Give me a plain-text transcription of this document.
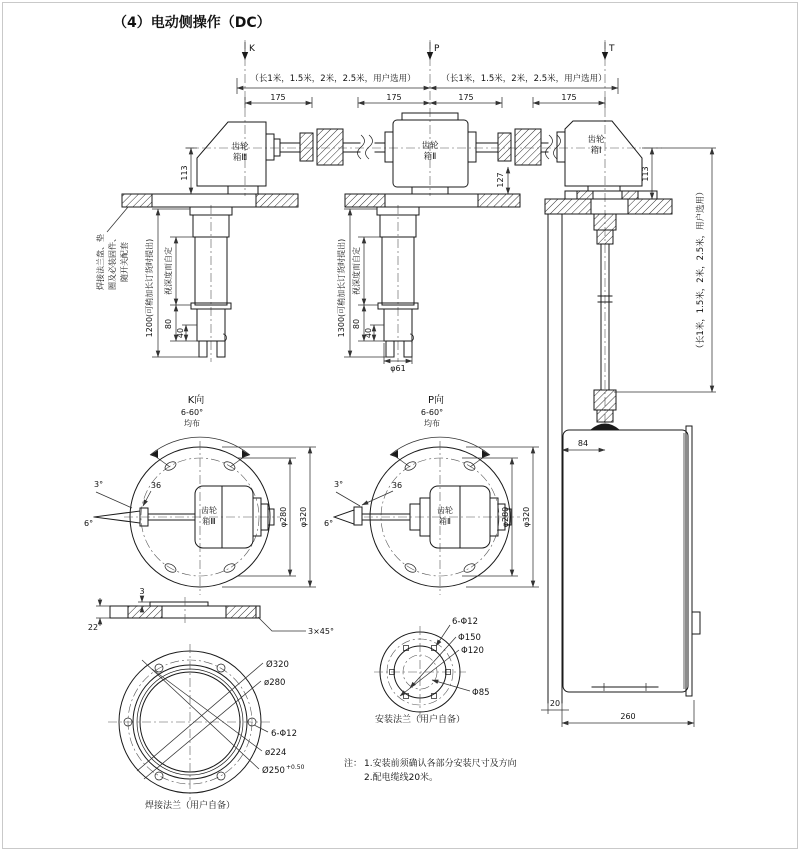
（4）电动侧操作（DC）
K	P	T
（长1米，1.5米，2米，2.5米，用户选用）	（长1米，1.5米，2米，2.5米，用户选用）
175	175	175	175
齿轮
箱Ⅲ
齿轮
箱Ⅱ
齿轮
箱Ⅰ
113	127	113
（长1米，1.5米，2米，2.5米，用户选用）
焊接法兰盘、垫 圈及必装固件、 随开关配套	视深度而自定
80
40
1200(可稍加长订货时提出)	视深度而自定
80
40
1300(可稍加长订货时提出)
φ61
84
20
260
K向
6-60°
均布
齿轮
箱Ⅲ
3°
6°
36
φ280 φ320
P向
6-60°
均布
齿轮
箱Ⅱ
3°
6°
36
φ280 φ320
3
22	3×45°
Ø320
ø280
6-Φ12
ø224
Ø250 +0.50
焊接法兰（用户自备）
6-Φ12
Φ150
Φ120
Φ85
安装法兰（用户自备）
注： 1.安装前须确认各部分安装尺寸及方向
2.配电缆线20米。
